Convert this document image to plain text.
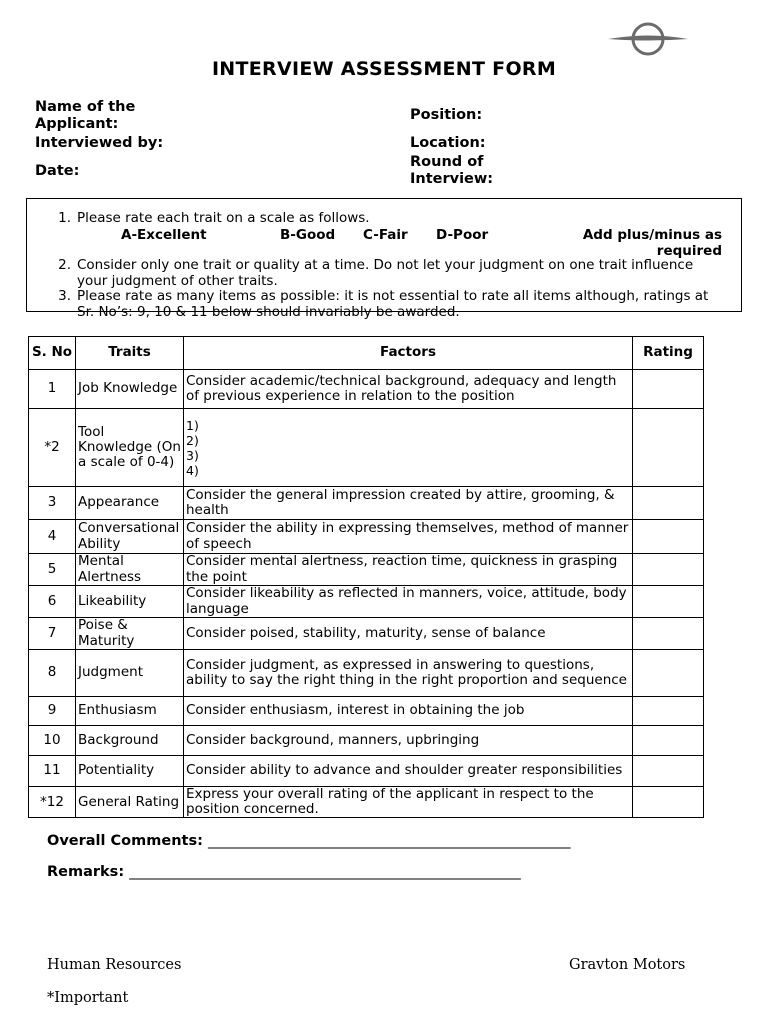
INTERVIEW ASSESSMENT FORM
Name of the Applicant:
Interviewed by:
Date:
Position:
Location:
Round of Interview:
1. Please rate each trait on a scale as follows.
2. Consider only one trait or quality at a time. Do not let your judgment on one trait influence your judgment of other traits.
3. Please rate as many items as possible: it is not essential to rate all items although, ratings at Sr. No’s: 9, 10 & 11 below should invariably be awarded.
A-Excellent	B-Good C-Fair D-Poor	Add plus/minus as required
S. No	Traits	Factors	Rating
1	Job Knowledge	Consider academic/technical background, adequacy and length of previous experience in relation to the position	
*2	Tool Knowledge (On a scale of 0-4)	1)
2)
3)
4)	

3	Appearance	Consider the general impression created by attire, grooming, & health	
4	Conversational Ability	Consider the ability in expressing themselves, method of manner of speech	
5	Mental Alertness	Consider mental alertness, reaction time, quickness in grasping the point	
6	Likeability	Consider likeability as reflected in manners, voice, attitude, body language	
7	Poise & Maturity	Consider poised, stability, maturity, sense of balance	
8	Judgment	Consider judgment, as expressed in answering to questions, ability to say the right thing in the right proportion and sequence	
9	Enthusiasm	Consider enthusiasm, interest in obtaining the job	
10	Background	Consider background, manners, upbringing	
11	Potentiality	Consider ability to advance and shoulder greater responsibilities	
*12	General Rating	Express your overall rating of the applicant in respect to the position concerned.	
Overall Comments: __________________________________________________
Remarks: ______________________________________________________
Human Resources	Gravton Motors
*Important
